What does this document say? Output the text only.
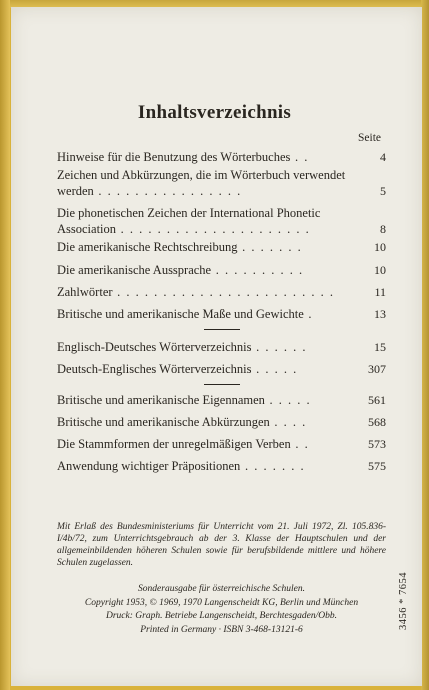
Inhaltsverzeichnis
Seite
Hinweise für die Benutzung des Wörterbuches . .	4
Zeichen und Abkürzungen, die im Wörterbuch verwendet werden . . . . . . . . . . . . . . . .	5
Die phonetischen Zeichen der International Phonetic Association . . . . . . . . . . . . . . . . . . . . .	8
Die amerikanische Rechtschreibung . . . . . . .	10
Die amerikanische Aussprache . . . . . . . . . .	10
Zahlwörter . . . . . . . . . . . . . . . . . . . . . . . .	11
Britische und amerikanische Maße und Gewichte .	13
Englisch-Deutsches Wörterverzeichnis . . . . . .	15
Deutsch-Englisches Wörterverzeichnis . . . . .	307
Britische und amerikanische Eigennamen . . . . .	561
Britische und amerikanische Abkürzungen . . . .	568
Die Stammformen der unregelmäßigen Verben . .	573
Anwendung wichtiger Präpositionen . . . . . . .	575
Mit Erlaß des Bundesministeriums für Unterricht vom 21. Juli 1972, Zl. 105.836-I/4b/72, zum Unterrichtsgebrauch ab der 3. Klasse der Hauptschulen und der allgemeinbildenden höheren Schulen sowie für berufsbildende mittlere und höhere Schulen zugelassen.
Sonderausgabe für österreichische Schulen.
Copyright 1953, © 1969, 1970 Langenscheidt KG, Berlin und München
Druck: Graph. Betriebe Langenscheidt, Berchtesgaden/Obb.
Printed in Germany · ISBN 3-468-13121-6	3456 * 7654
